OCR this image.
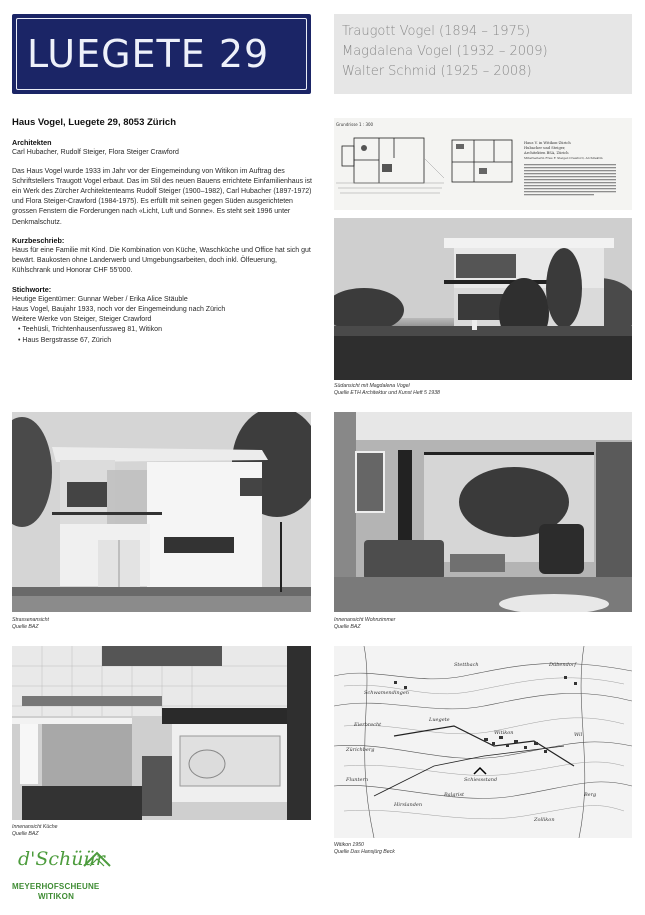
LUEGETE 29
Traugott Vogel (1894 – 1975)
Magdalena Vogel (1932 – 2009)
Walter Schmid (1925 – 2008)
Haus Vogel, Luegete 29, 8053 Zürich
Architekten

Carl Hubacher, Rudolf Steiger, Flora Steiger Crawford

Das Haus Vogel wurde 1933 im Jahr vor der Eingemeindung von Witikon im Auftrag des Schriftstellers Traugott Vogel erbaut. Das im Stil des neuen Bauens errichtete Einfamilienhaus ist ein Werk des Zürcher Architektenteams Rudolf Steiger (1900–1982), Carl Hubacher (1897-1972) und Flora Steiger-Crawford (1984-1975). Es erfüllt mit seinen gegen Süden ausgerichteten grossen Fenstern die Forderungen nach «Licht, Luft und Sonne». Es steht seit 1996 unter Denkmalschutz.

Kurzbeschrieb:

Haus für eine Familie mit Kind. Die Kombination von Küche, Waschküche und Office hat sich gut bewärt. Baukosten ohne Landerwerb und Umgebungsarbeiten, doch inkl. Ölfeuerung, Kühlschrank und Honorar CHF 55'000.

Stichworte:
Heutige Eigentümer: Gunnar Weber / Erika Alice Stäuble
Haus Vogel, Baujahr 1933, noch vor der Eingemeindung nach Zürich
Weitere Werke von Steiger, Steiger Crawford
• Teehüsli, Trichtenhausenfussweg 81, Witikon
• Haus Bergstrasse 67, Zürich
Grundrisse 1 : 300
Haus V. in Witikon-Zürich
Hubacher und Steiger,
Architekten BSA, Zürich
Mitarbeiterin Frau F. Steiger-Crawford, Architektin
Südansicht mit Magdalena Vogel
Quelle ETH Architektur und Kunst Heft 5 1938
Strassenansicht
Quelle BAZ
Innenansicht Wohnzimmer
Quelle BAZ
Innenansicht Küche
Quelle BAZ
Witikon
Luegete
Schwamendingen
Dübendorf
Stettbach
Zürichberg
Fluntern
Hirslanden
Balgrist
Zollikon
Eierbrecht
Schiessstand
Berg
Wil
Witikon 1950
Quelle Das Hansjürg Beck
d'Schüür
MEYERHOFSCHEUNE
WITIKON
